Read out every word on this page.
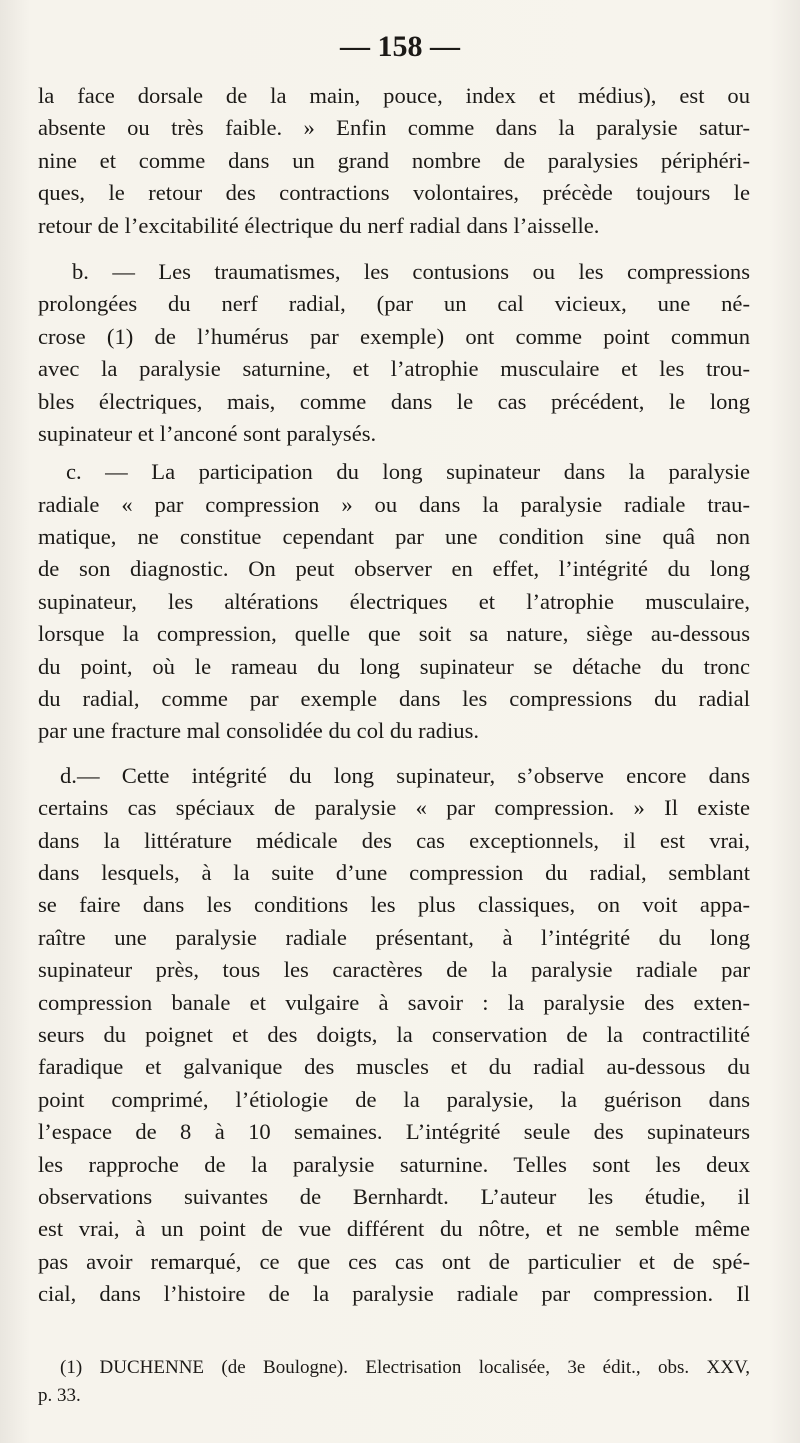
— 158 —
la face dorsale de la main, pouce, index et médius), est ou
absente ou très faible. » Enfin comme dans la paralysie satur-
nine et comme dans un grand nombre de paralysies périphéri-
ques, le retour des contractions volontaires, précède toujours le
retour de l’excitabilité électrique du nerf radial dans l’aisselle.
b. — Les traumatismes, les contusions ou les compressions
prolongées du nerf radial, (par un cal vicieux, une né-
crose (1) de l’humérus par exemple) ont comme point commun
avec la paralysie saturnine, et l’atrophie musculaire et les trou-
bles électriques, mais, comme dans le cas précédent, le long
supinateur et l’anconé sont paralysés.
c. — La participation du long supinateur dans la paralysie
radiale « par compression » ou dans la paralysie radiale trau-
matique, ne constitue cependant par une condition sine quâ non
de son diagnostic. On peut observer en effet, l’intégrité du long
supinateur, les altérations électriques et l’atrophie musculaire,
lorsque la compression, quelle que soit sa nature, siège au-dessous
du point, où le rameau du long supinateur se détache du tronc
du radial, comme par exemple dans les compressions du radial
par une fracture mal consolidée du col du radius.
d.— Cette intégrité du long supinateur, s’observe encore dans
certains cas spéciaux de paralysie « par compression. » Il existe
dans la littérature médicale des cas exceptionnels, il est vrai,
dans lesquels, à la suite d’une compression du radial, semblant
se faire dans les conditions les plus classiques, on voit appa-
raître une paralysie radiale présentant, à l’intégrité du long
supinateur près, tous les caractères de la paralysie radiale par
compression banale et vulgaire à savoir : la paralysie des exten-
seurs du poignet et des doigts, la conservation de la contractilité
faradique et galvanique des muscles et du radial au-dessous du
point comprimé, l’étiologie de la paralysie, la guérison dans
l’espace de 8 à 10 semaines. L’intégrité seule des supinateurs
les rapproche de la paralysie saturnine. Telles sont les deux
observations suivantes de Bernhardt. L’auteur les étudie, il
est vrai, à un point de vue différent du nôtre, et ne semble même
pas avoir remarqué, ce que ces cas ont de particulier et de spé-
cial, dans l’histoire de la paralysie radiale par compression. Il
(1) DUCHENNE (de Boulogne). Electrisation localisée, 3e édit., obs. XXV,
p. 33.
